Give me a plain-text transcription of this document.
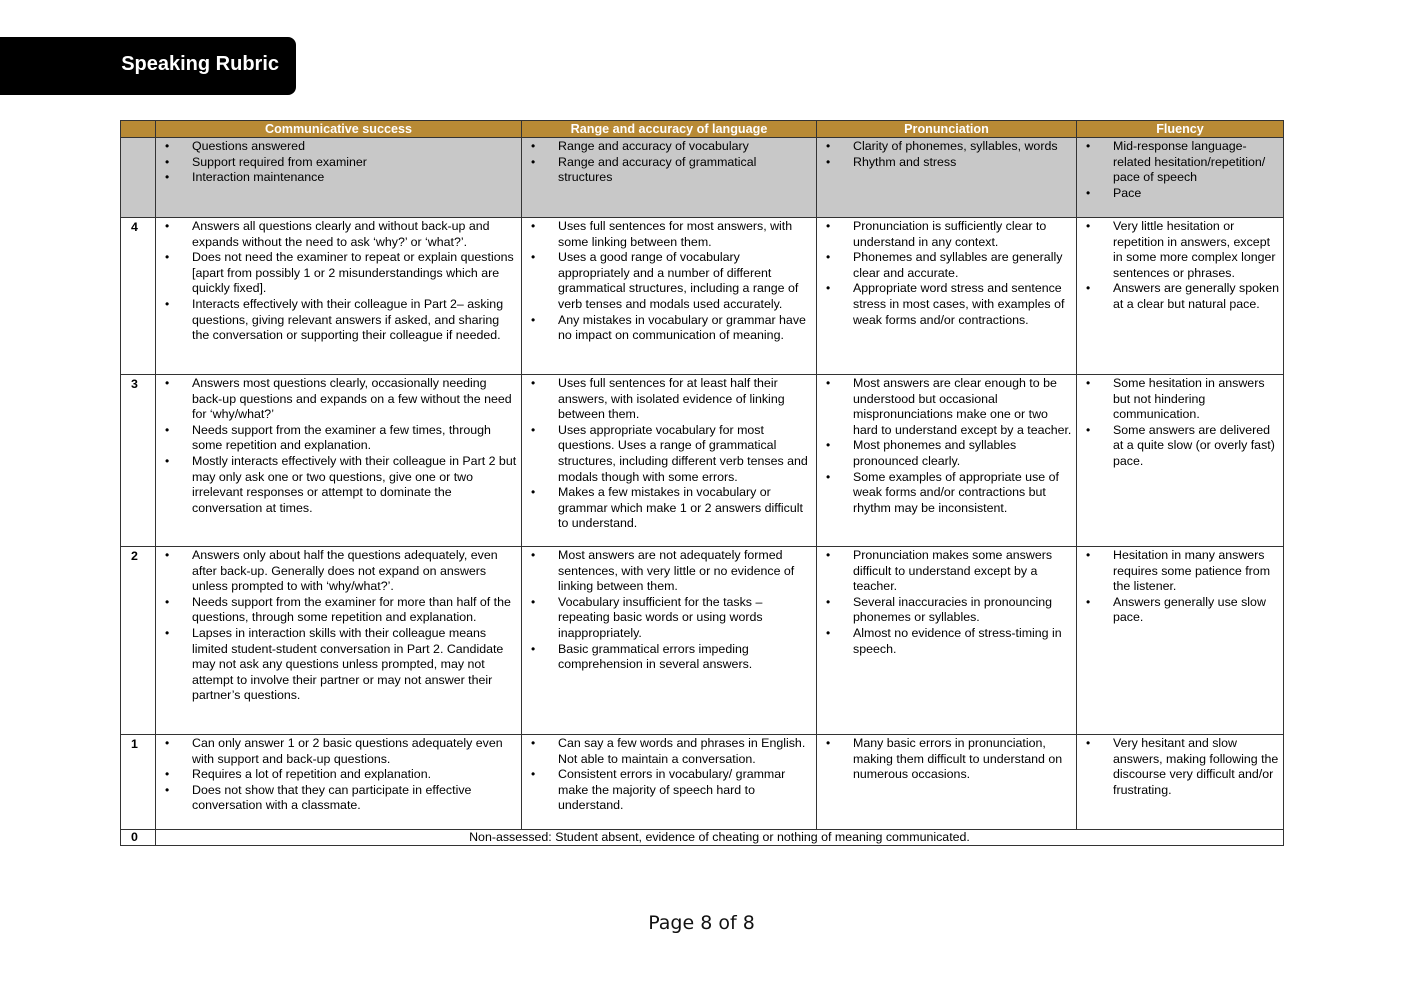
Speaking Rubric
	Communicative success	Range and accuracy of language	Pronunciation	Fluency

• Questions answered
• Support required from examiner
• Interaction maintenance

• Range and accuracy of vocabulary
• Range and accuracy of grammatical structures

• Clarity of phonemes, syllables, words
• Rhythm and stress

• Mid-response language-related hesitation/repetition/ pace of speech
• Pace

4	
•Answers all questions clearly and without back-up and expands without the need to ask ‘why?’ or ‘what?’.
• Does not need the examiner to repeat or explain questions [apart from possibly 1 or 2 misunderstandings which are quickly fixed].
• Interacts effectively with their colleague in Part 2– asking questions, giving relevant answers if asked, and sharing the conversation or supporting their colleague if needed.

• Uses full sentences for most answers, with some linking between them.
• Uses a good range of vocabulary appropriately and a number of different grammatical structures, including a range of verb tenses and modals used accurately.
• Any mistakes in vocabulary or grammar have no impact on communication of meaning.

• Pronunciation is sufficiently clear to understand in any context.
• Phonemes and syllables are generally clear and accurate.
• Appropriate word stress and sentence stress in most cases, with examples of weak forms and/or contractions.

• Very little hesitation or repetition in answers, except in some more complex longer sentences or phrases.
• Answers are generally spoken at a clear but natural pace.

3	
•Answers most questions clearly, occasionally needing back-up questions and expands on a few without the need for ‘why/what?’
• Needs support from the examiner a few times, through some repetition and explanation.
• Mostly interacts effectively with their colleague in Part 2 but may only ask one or two questions, give one or two irrelevant responses or attempt to dominate the conversation at times.

• Uses full sentences for at least half their answers, with isolated evidence of linking between them.
• Uses appropriate vocabulary for most questions. Uses a range of grammatical structures, including different verb tenses and modals though with some errors.
• Makes a few mistakes in vocabulary or grammar which make 1 or 2 answers difficult to understand.

• Most answers are clear enough to be understood but occasional mispronunciations make one or two hard to understand except by a teacher.
• Most phonemes and syllables pronounced clearly.
• Some examples of appropriate use of weak forms and/or contractions but rhythm may be inconsistent.

• Some hesitation in answers but not hindering communication.
• Some answers are delivered at a quite slow (or overly fast) pace.

2	
•Answers only about half the questions adequately, even after back-up. Generally does not expand on answers unless prompted to with ‘why/what?’.
• Needs support from the examiner for more than half of the questions, through some repetition and explanation.
• Lapses in interaction skills with their colleague means limited student-student conversation in Part 2. Candidate may not ask any questions unless prompted, may not attempt to involve their partner or may not answer their partner’s questions.

• Most answers are not adequately formed sentences, with very little or no evidence of linking between them.
• Vocabulary insufficient for the tasks – repeating basic words or using words inappropriately.
• Basic grammatical errors impeding comprehension in several answers.

• Pronunciation makes some answers difficult to understand except by a teacher.
• Several inaccuracies in pronouncing phonemes or syllables.
• Almost no evidence of stress-timing in speech.

• Hesitation in many answers requires some patience from the listener.
• Answers generally use slow pace.

1	
•Can only answer 1 or 2 basic questions adequately even with support and back-up questions.
• Requires a lot of repetition and explanation.
• Does not show that they can participate in effective conversation with a classmate.

• Can say a few words and phrases in English. Not able to maintain a conversation.
• Consistent errors in vocabulary/ grammar make the majority of speech hard to understand.

• Many basic errors in pronunciation, making them difficult to understand on numerous occasions.

• Very hesitant and slow answers, making following the discourse very difficult and/or frustrating.

0	Non-assessed: Student absent, evidence of cheating or nothing of meaning communicated.			
Page 8 of 8
